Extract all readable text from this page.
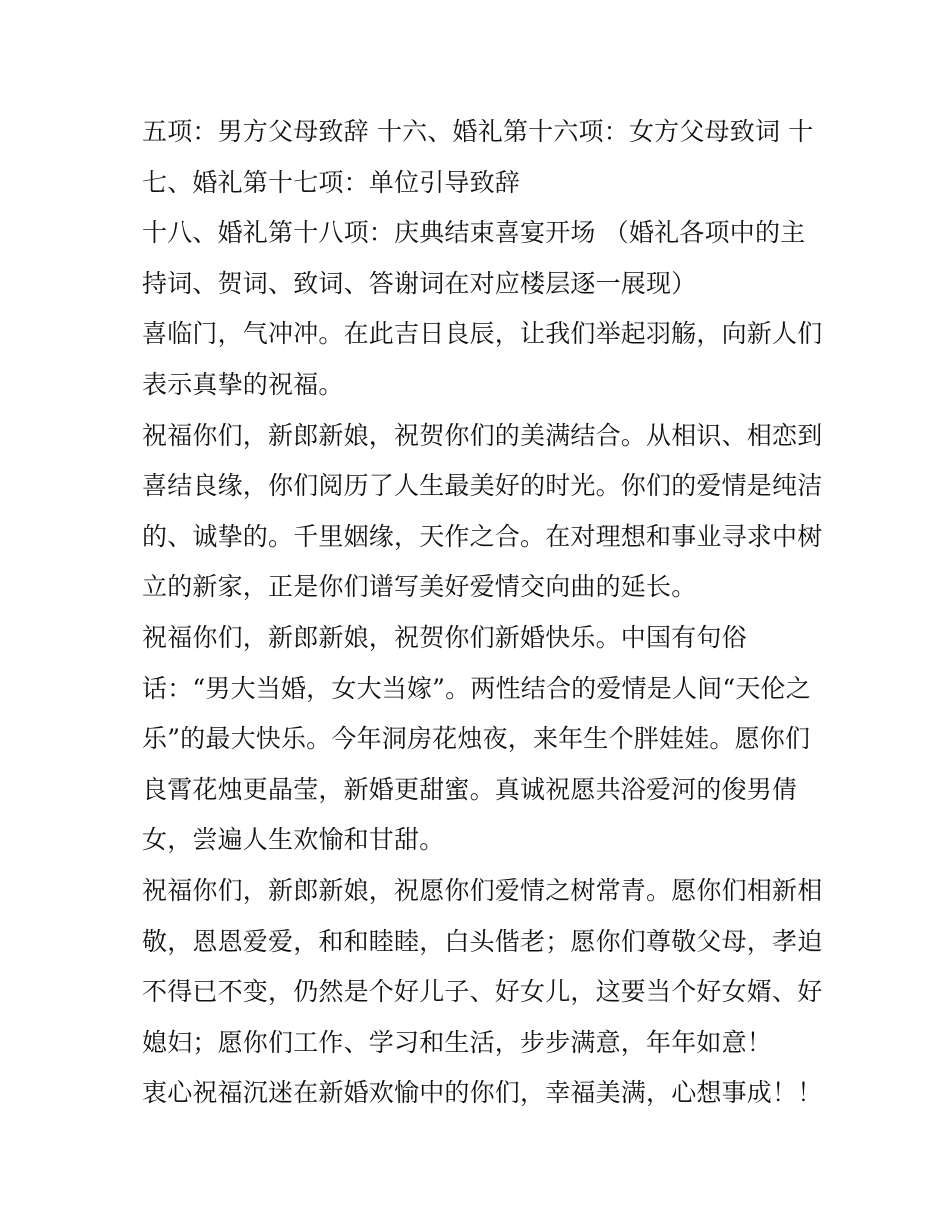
五项：男方父母致辞 十六、婚礼第十六项：女方父母致词 十
七、婚礼第十七项：单位引导致辞
十八、婚礼第十八项：庆典结束喜宴开场 （婚礼各项中的主
持词、贺词、致词、答谢词在对应楼层逐一展现）
喜临门，气冲冲。在此吉日良辰，让我们举起羽觞，向新人们
表示真挚的祝福。
祝福你们，新郎新娘，祝贺你们的美满结合。从相识、相恋到
喜结良缘，你们阅历了人生最美好的时光。你们的爱情是纯洁
的、诚挚的。千里姻缘，天作之合。在对理想和事业寻求中树
立的新家，正是你们谱写美好爱情交向曲的延长。
祝福你们，新郎新娘，祝贺你们新婚快乐。中国有句俗
话：“男大当婚，女大当嫁”。两性结合的爱情是人间“天伦之
乐”的最大快乐。今年洞房花烛夜，来年生个胖娃娃。愿你们
良霄花烛更晶莹，新婚更甜蜜。真诚祝愿共浴爱河的俊男倩
女，尝遍人生欢愉和甘甜。
祝福你们，新郎新娘，祝愿你们爱情之树常青。愿你们相新相
敬，恩恩爱爱，和和睦睦，白头偕老；愿你们尊敬父母，孝迫
不得已不变，仍然是个好儿子、好女儿，这要当个好女婿、好
媳妇；愿你们工作、学习和生活，步步满意，年年如意！
衷心祝福沉迷在新婚欢愉中的你们，幸福美满，心想事成！！
